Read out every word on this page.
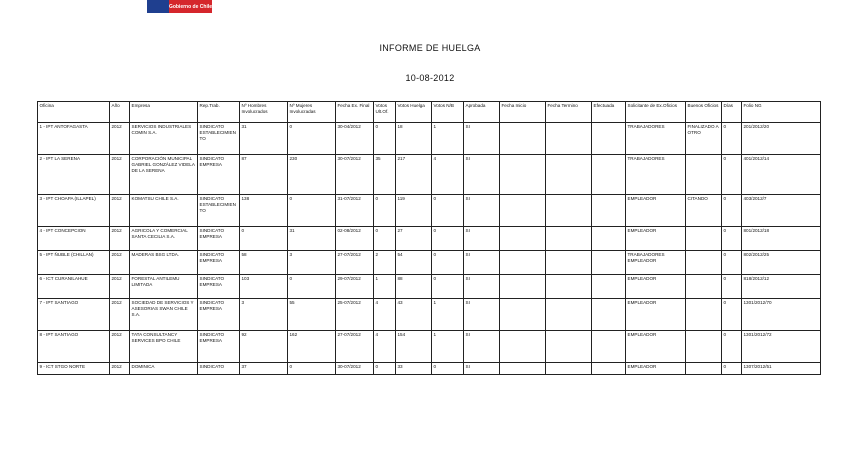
Gobierno de Chile
INFORME DE HUELGA
10-08-2012
Oficina	Año	Empresa	Rep.Trab.	Nº Hombres Involucrados	Nº Mujeres Involucradas	Fecha Ex. Final	Votos Ult.Of.	Votos Huelga	Votos N/B	Aprobada	Fecha Inicio	Fecha Termino	Efectuada	Solicitante de Ex.Oficios	Buenos Oficios	Días	Folio NG
1 - IPT ANTOFAGASTA	2012	SERVICIOS INDUSTRIALES COMIN S.A.	SINDICATO ESTABLECIMIENTO	31	0	30-04/2012	0	18	1	SI				TRABAJADORES	FINALIZADO A OTRO	0	201/2012/20
2 - IPT LA SERENA	2012	CORPORACIÓN MUNICIPAL GABRIEL GONZÁLEZ VIDELA DE LA SERENA	SINDICATO EMPRESA	87	230	30-07/2012	35	217	4	SI				TRABAJADORES		0	401/2012/14
3 - IPT CHOAPA (ILLAPEL)	2012	KOMATSU CHILE S.A.	SINDICATO ESTABLECIMIENTO	138	0	31-07/2012	0	119	0	SI				EMPLEADOR	CITANDO	0	403/2012/7
4 - IPT CONCEPCION	2012	AGRICOLA Y COMERCIAL SANTA CECILIA S.A.	SINDICATO EMPRESA	0	31	02-08/2012	0	27	0	SI				EMPLEADOR		0	801/2012/18
5 - IPT ÑUBLE (CHILLAN)	2012	MADERAS BSG LTDA.	SINDICATO EMPRESA	58	3	27-07/2012	2	54	0	SI				TRABAJADORES EMPLEADOR		0	802/2012/25
6 - ICT CURANILAHUE	2012	FORESTAL ANTILEMU LIMITADA	SINDICATO EMPRESA	103	0	29-07/2012	1	88	0	SI				EMPLEADOR		0	818/2012/12
7 - IPT SANTIAGO	2012	SOCIEDAD DE SERVICIOS Y ASESORIAS SWAN CHILE S.A.	SINDICATO EMPRESA	3	55	25-07/2012	4	43	1	SI				EMPLEADOR		0	1301/2012/70
8 - IPT SANTIAGO	2012	TATA CONSULTANCY SERVICES BPO CHILE	SINDICATO EMPRESA	92	162	27-07/2012	4	154	1	SI				EMPLEADOR		0	1301/2012/72
9 - ICT STGO NORTE	2012	DOMINICA	SINDICATO	37	0	30-07/2012	0	33	0	SI				EMPLEADOR		0	1307/2012/51
